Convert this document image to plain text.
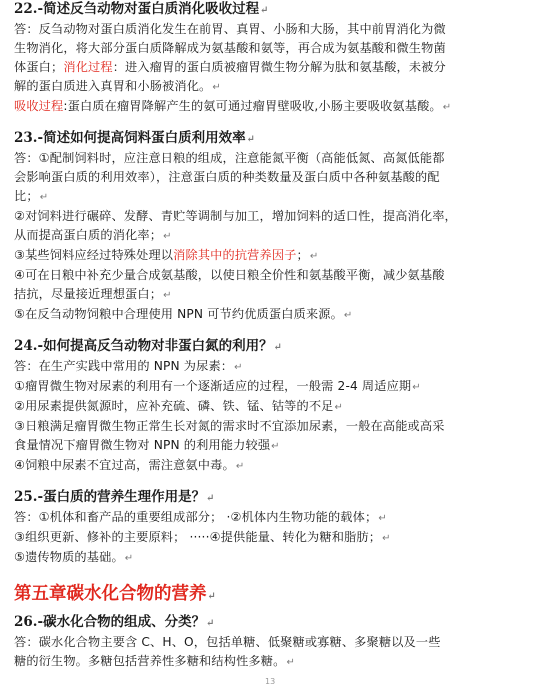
22.-简述反刍动物对蛋白质消化吸收过程↵

答：反刍动物对蛋白质消化发生在前胃、真胃、小肠和大肠，其中前胃消化为微

生物消化，将大部分蛋白质降解成为氨基酸和氨等，再合成为氨基酸和微生物菌

体蛋白；消化过程：进入瘤胃的蛋白质被瘤胃微生物分解为肽和氨基酸，未被分

解的蛋白质进入真胃和小肠被消化。↵

吸收过程:蛋白质在瘤胃降解产生的氨可通过瘤胃壁吸收,小肠主要吸收氨基酸。↵

23.-简述如何提高饲料蛋白质利用效率↵

答：①配制饲料时，应注意日粮的组成，注意能氮平衡（高能低氮、高氮低能都

会影响蛋白质的利用效率），注意蛋白质的种类数量及蛋白质中各种氨基酸的配

比；↵

②对饲料进行碾碎、发酵、青贮等调制与加工，增加饲料的适口性，提高消化率，

从而提高蛋白质的消化率；↵

③某些饲料应经过特殊处理以消除其中的抗营养因子；↵

④可在日粮中补充少量合成氨基酸，以使日粮全价性和氨基酸平衡，减少氨基酸

拮抗，尽量接近理想蛋白；↵

⑤在反刍动物饲粮中合理使用 NPN 可节约优质蛋白质来源。↵

24.-如何提高反刍动物对非蛋白氮的利用？↵

答：在生产实践中常用的 NPN 为尿素：↵

①瘤胃微生物对尿素的利用有一个逐渐适应的过程，一般需 2-4 周适应期↵

②用尿素提供氮源时，应补充硫、磷、铁、锰、钴等的不足↵

③日粮满足瘤胃微生物正常生长对氮的需求时不宜添加尿素，一般在高能或高采

食量情况下瘤胃微生物对 NPN 的利用能力较强↵

④饲粮中尿素不宜过高，需注意氨中毒。↵

25.-蛋白质的营养生理作用是？↵

答：①机体和畜产品的重要组成部分； ·②机体内生物功能的载体；↵

③组织更新、修补的主要原料； ·····④提供能量、转化为糖和脂肪；↵

⑤遗传物质的基础。↵

第五章碳水化合物的营养↵

26.-碳水化合物的组成、分类？↵

答：碳水化合物主要含 C、H、O，包括单糖、低聚糖或寡糖、多聚糖以及一些

糖的衍生物。多糖包括营养性多糖和结构性多糖。↵

13
